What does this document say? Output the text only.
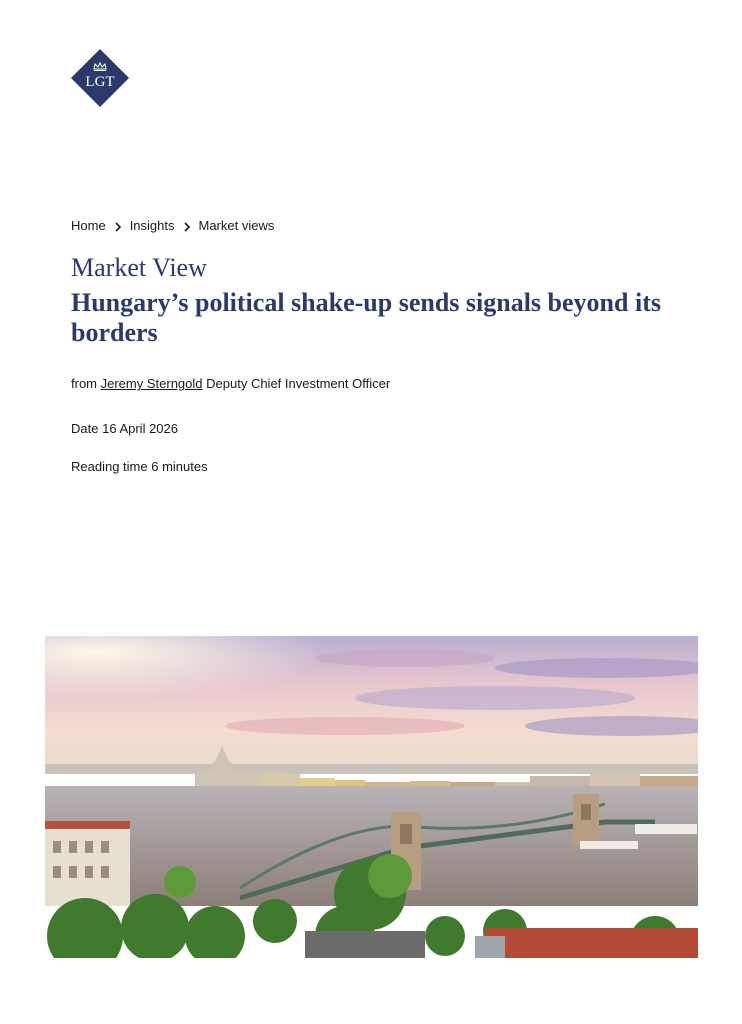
LGT
Home Insights Market views
Market View
Hungary’s political shake-up sends signals beyond its borders
from Jeremy Sterngold Deputy Chief Investment Officer
Date 16 April 2026
Reading time 6 minutes
